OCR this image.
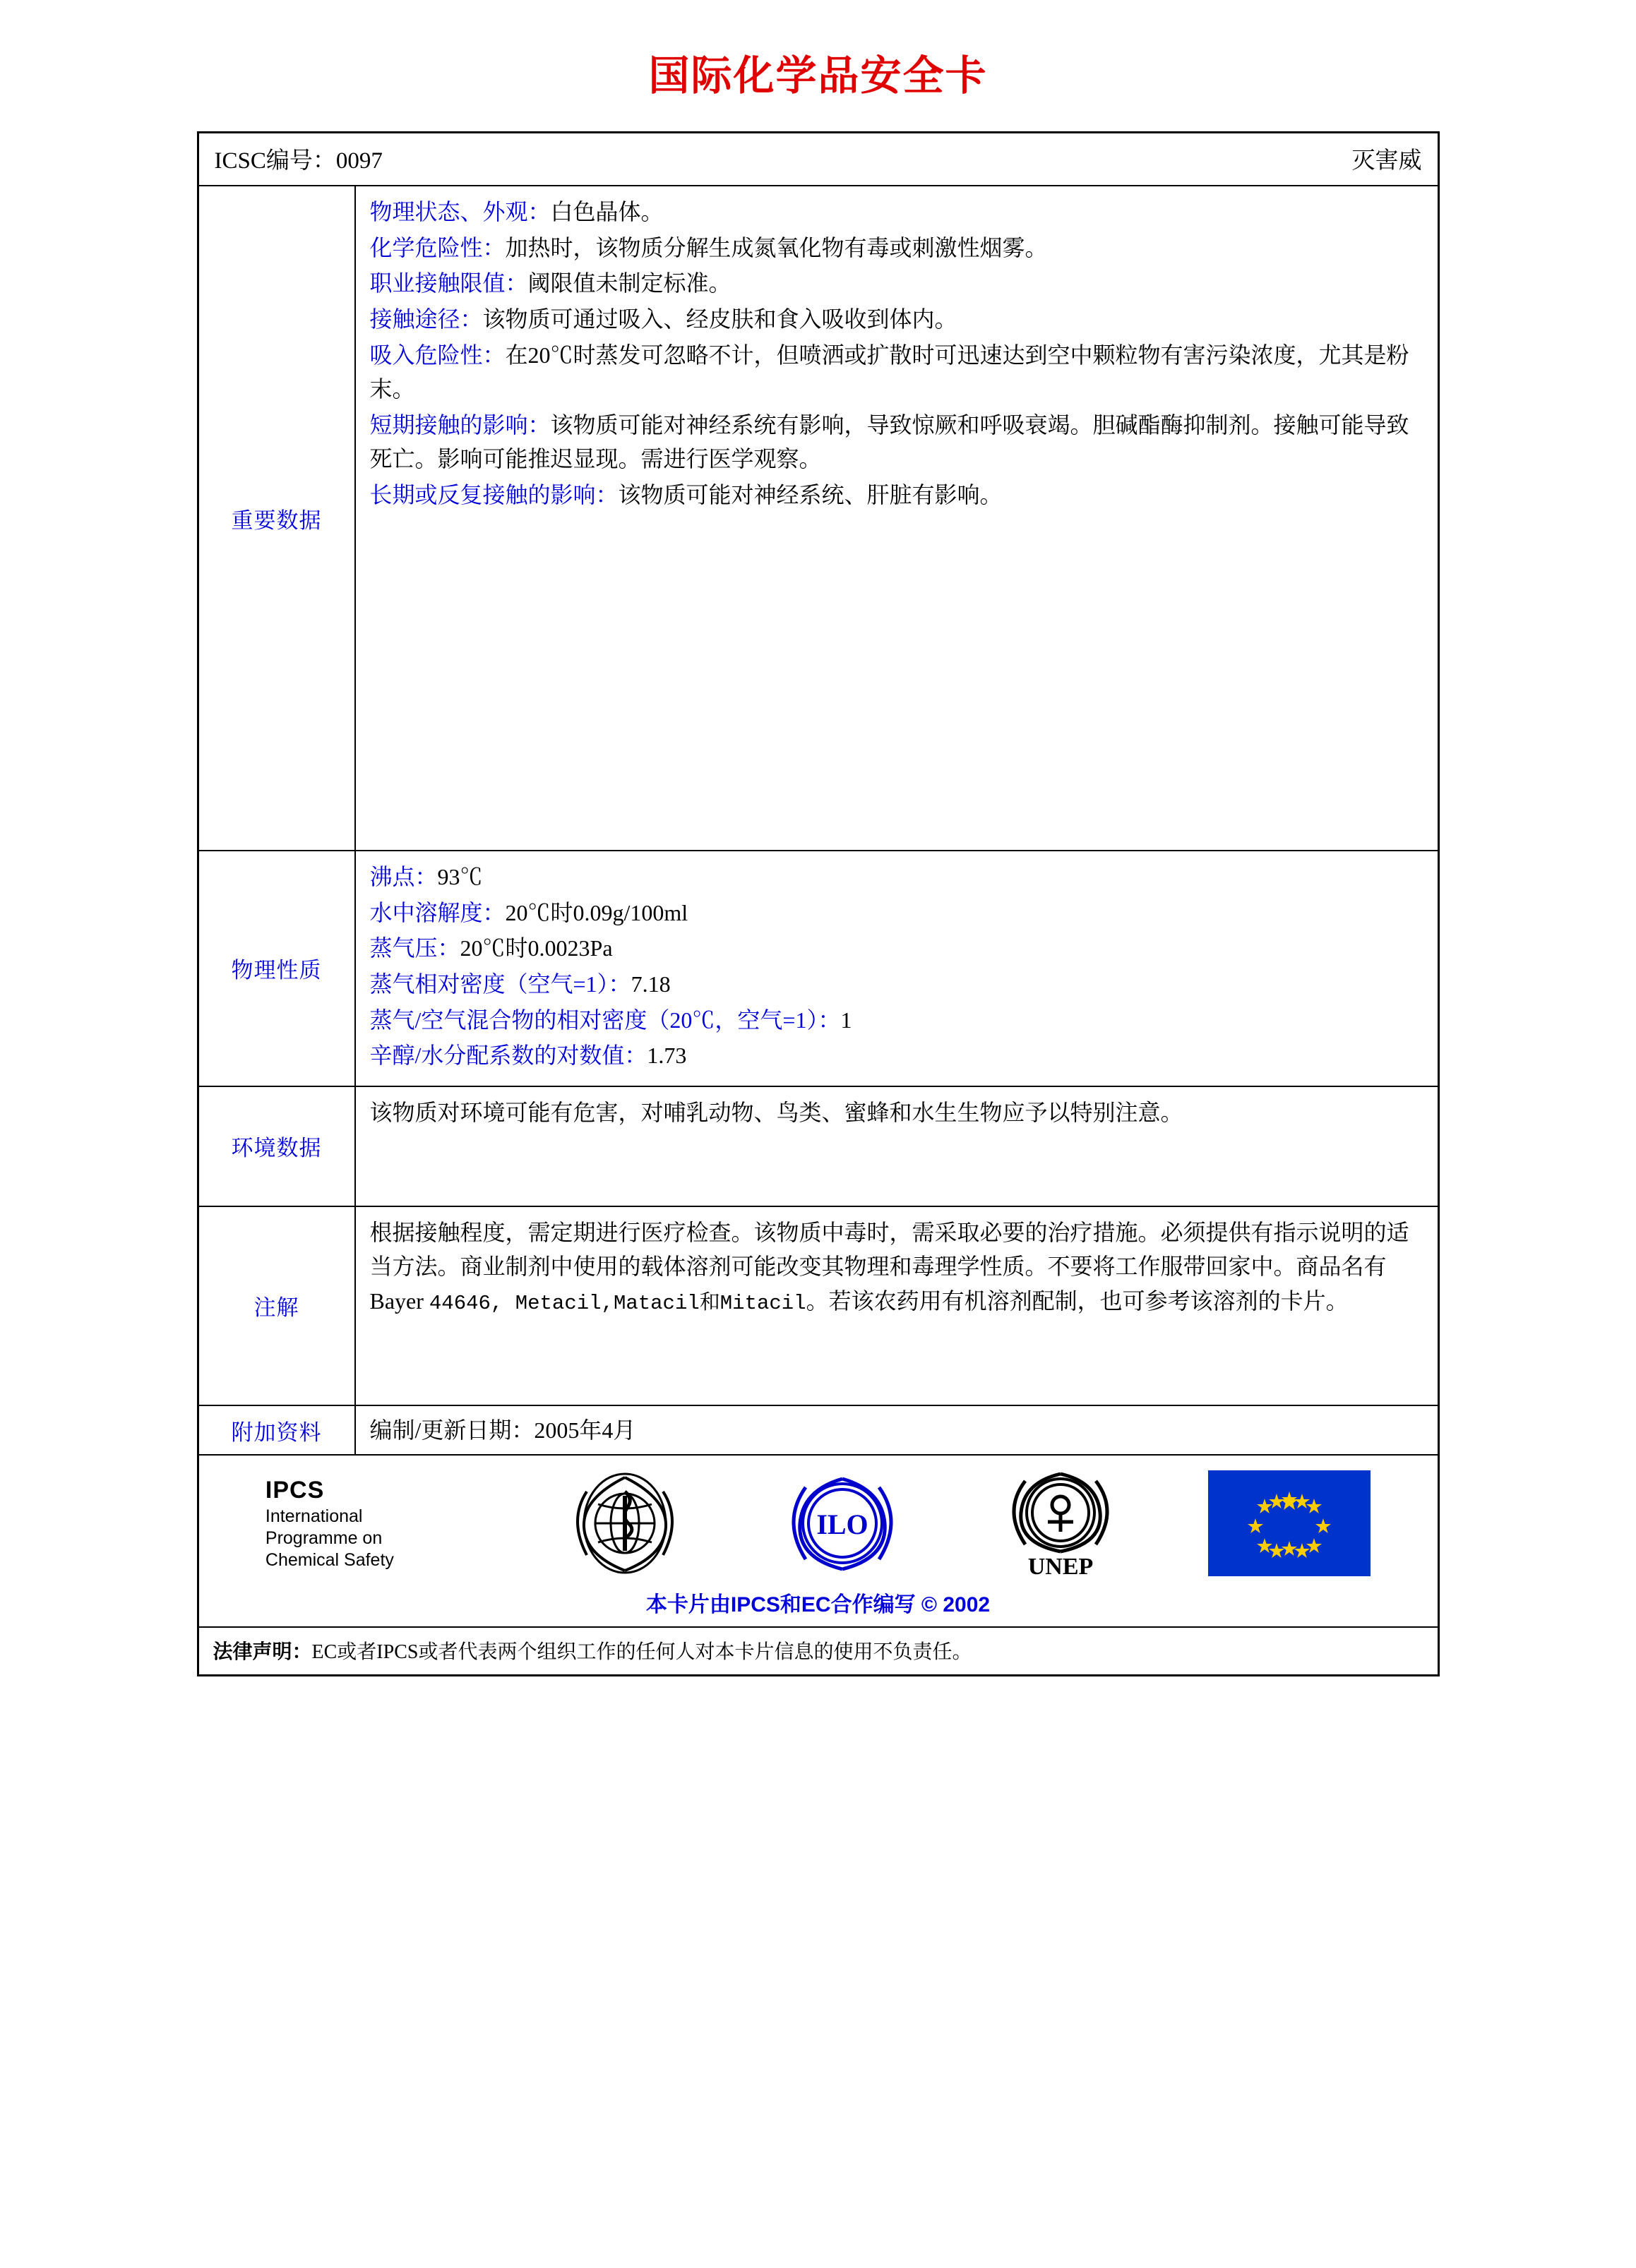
国际化学品安全卡
ICSC编号：0097	灭害威
重要数据

物理状态、外观：白色晶体。

化学危险性：加热时，该物质分解生成氮氧化物有毒或刺激性烟雾。

职业接触限值：阈限值未制定标准。

接触途径：该物质可通过吸入、经皮肤和食入吸收到体内。

吸入危险性：在20℃时蒸发可忽略不计，但喷洒或扩散时可迅速达到空中颗粒物有害污染浓度，尤其是粉末。

短期接触的影响：该物质可能对神经系统有影响，导致惊厥和呼吸衰竭。胆碱酯酶抑制剂。接触可能导致死亡。影响可能推迟显现。需进行医学观察。

长期或反复接触的影响：该物质可能对神经系统、肝脏有影响。

物理性质

沸点：93℃

水中溶解度：20℃时0.09g/100ml

蒸气压：20℃时0.0023Pa

蒸气相对密度（空气=1）：7.18

蒸气/空气混合物的相对密度（20℃，空气=1）：1

辛醇/水分配系数的对数值：1.73

环境数据
该物质对环境可能有危害，对哺乳动物、鸟类、蜜蜂和水生生物应予以特别注意。
注解
根据接触程度，需定期进行医疗检查。该物质中毒时，需采取必要的治疗措施。必须提供有指示说明的适当方法。商业制剂中使用的载体溶剂可能改变其物理和毒理学性质。不要将工作服带回家中。商品名有Bayer 44646, Metacil,Matacil和Mitacil。若该农药用有机溶剂配制，也可参考该溶剂的卡片。
附加资料	编制/更新日期：2005年4月
IPCS
International
Programme on
Chemical Safety
ILO
UNEP
本卡片由IPCS和EC合作编写 © 2002
法律声明：EC或者IPCS或者代表两个组织工作的任何人对本卡片信息的使用不负责任。
